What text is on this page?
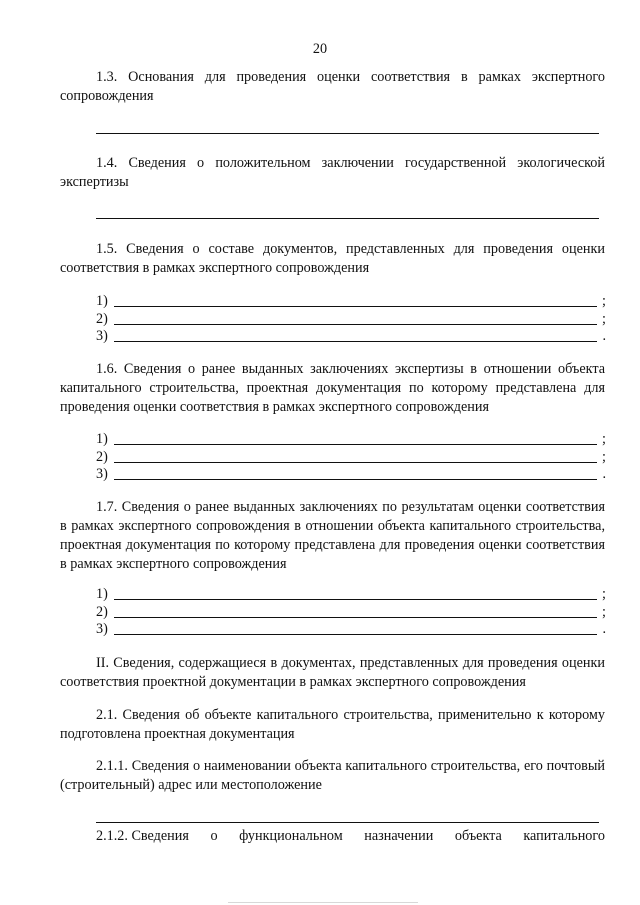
20
1.3. Основания для проведения оценки соответствия в рамках экспертного сопровождения
1.4. Сведения о положительном заключении государственной экологической экспертизы
1.5. Сведения о составе документов, представленных для проведения оценки соответствия в рамках экспертного сопровождения
1)	;
2)	;
3)	.
1.6. Сведения о ранее выданных заключениях экспертизы в отношении объекта капитального строительства, проектная документация по которому представлена для проведения оценки соответствия в рамках экспертного сопровождения
1)	;
2)	;
3)	.
1.7. Сведения о ранее выданных заключениях по результатам оценки соответствия в рамках экспертного сопровождения в отношении объекта капитального строительства, проектная документация по которому представлена для проведения оценки соответствия в рамках экспертного сопровождения
1)	;
2)	;
3)	.
II. Сведения, содержащиеся в документах, представленных для проведения оценки соответствия проектной документации в рамках экспертного сопровождения
2.1. Сведения об объекте капитального строительства, применительно к которому подготовлена проектная документация
2.1.1. Сведения о наименовании объекта капитального строительства, его почтовый (строительный) адрес или местоположение
2.1.2. Сведения о функциональном назначении объекта капитального
